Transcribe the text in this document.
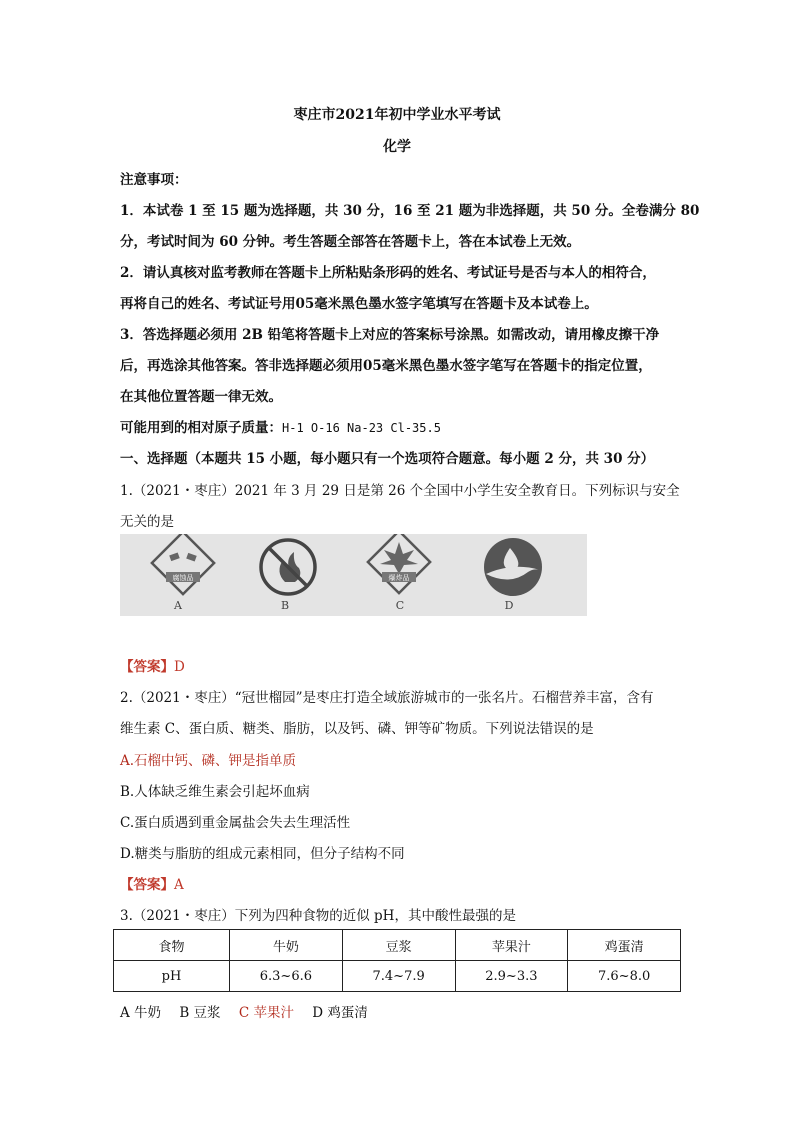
枣庄市2021年初中学业水平考试
化学
注意事项：
1．本试卷 1 至 15 题为选择题，共 30 分，16 至 21 题为非选择题，共 50 分。全卷满分 80
分，考试时间为 60 分钟。考生答题全部答在答题卡上，答在本试卷上无效。
2．请认真核对监考教师在答题卡上所粘贴条形码的姓名、考试证号是否与本人的相符合，
再将自己的姓名、考试证号用05毫米黑色墨水签字笔填写在答题卡及本试卷上。
3．答选择题必须用 2B 铅笔将答题卡上对应的答案标号涂黑。如需改动，请用橡皮擦干净
后，再选涂其他答案。答非选择题必须用05毫米黑色墨水签字笔写在答题卡的指定位置，
在其他位置答题一律无效。
可能用到的相对原子质量：H-1 O-16 Na-23 Cl-35.5
一、选择题（本题共 15 小题，每小题只有一个选项符合题意。每小题 2 分，共 30 分）
1.（2021・枣庄）2021 年 3 月 29 日是第 26 个全国中小学生安全教育日。下列标识与安全
无关的是
腐蚀品
A	B
爆炸品
C	D
【答案】D
2.（2021・枣庄）“冠世榴园”是枣庄打造全域旅游城市的一张名片。石榴营养丰富，含有
维生素 C、蛋白质、糖类、脂肪，以及钙、磷、钾等矿物质。下列说法错误的是
A.石榴中钙、磷、钾是指单质
B.人体缺乏维生素会引起坏血病
C.蛋白质遇到重金属盐会失去生理活性
D.糖类与脂肪的组成元素相同，但分子结构不同
【答案】A
3.（2021・枣庄）下列为四种食物的近似 pH，其中酸性最强的是
食物	牛奶	豆浆	苹果汁	鸡蛋清
pH	6.3~6.6	7.4~7.9	2.9~3.3	7.6~8.0
A 牛奶 B 豆浆 C 苹果汁 D 鸡蛋清
